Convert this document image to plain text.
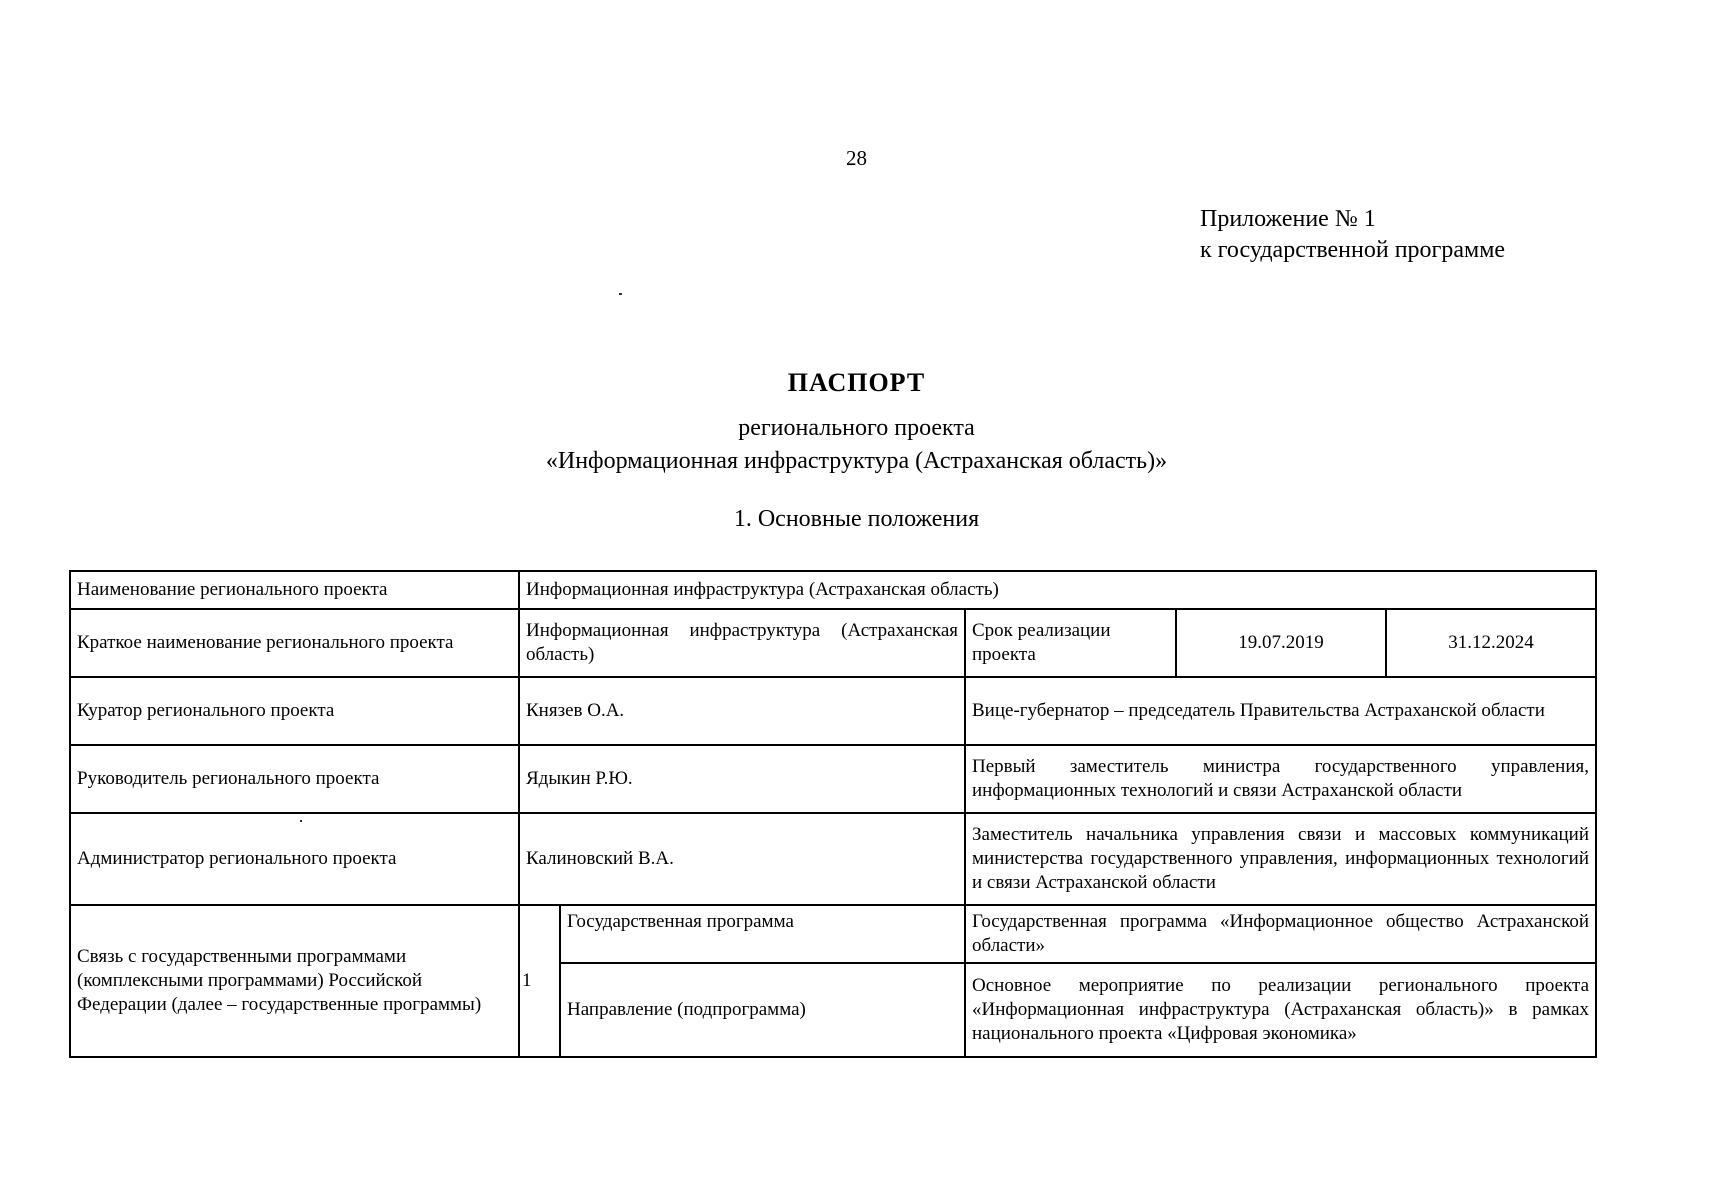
28
Приложение № 1
к государственной программе
ПАСПОРТ
регионального проекта
«Информационная инфраструктура (Астраханская область)»
1. Основные положения
Наименование регионального проекта	Информационная инфраструктура (Астраханская область)				
Краткое наименование регионального проекта	Информационная инфраструктура (Астраханская область)		Срок реализации проекта	19.07.2019	31.12.2024
Куратор регионального проекта	Князев О.А.		Вице-губернатор – председатель Правительства Астраханской области		
Руководитель регионального проекта	Ядыкин Р.Ю.		Первый заместитель министра государственного управления, информационных технологий и связи Астраханской области		
Администратор регионального проекта	Калиновский В.А.		Заместитель начальника управления связи и массовых коммуникаций министерства государственного управления, информационных технологий и связи Астраханской области		
Связь с государственными программами (комплексными программами) Российской Федерации (далее – государственные программы)	1	Государственная программа	Государственная программа «Информационное общество Астраханской области»		
		Направление (подпрограмма)	Основное мероприятие по реализации регионального проекта «Информационная инфраструктура (Астраханская область)» в рамках национального проекта «Цифровая экономика»		
